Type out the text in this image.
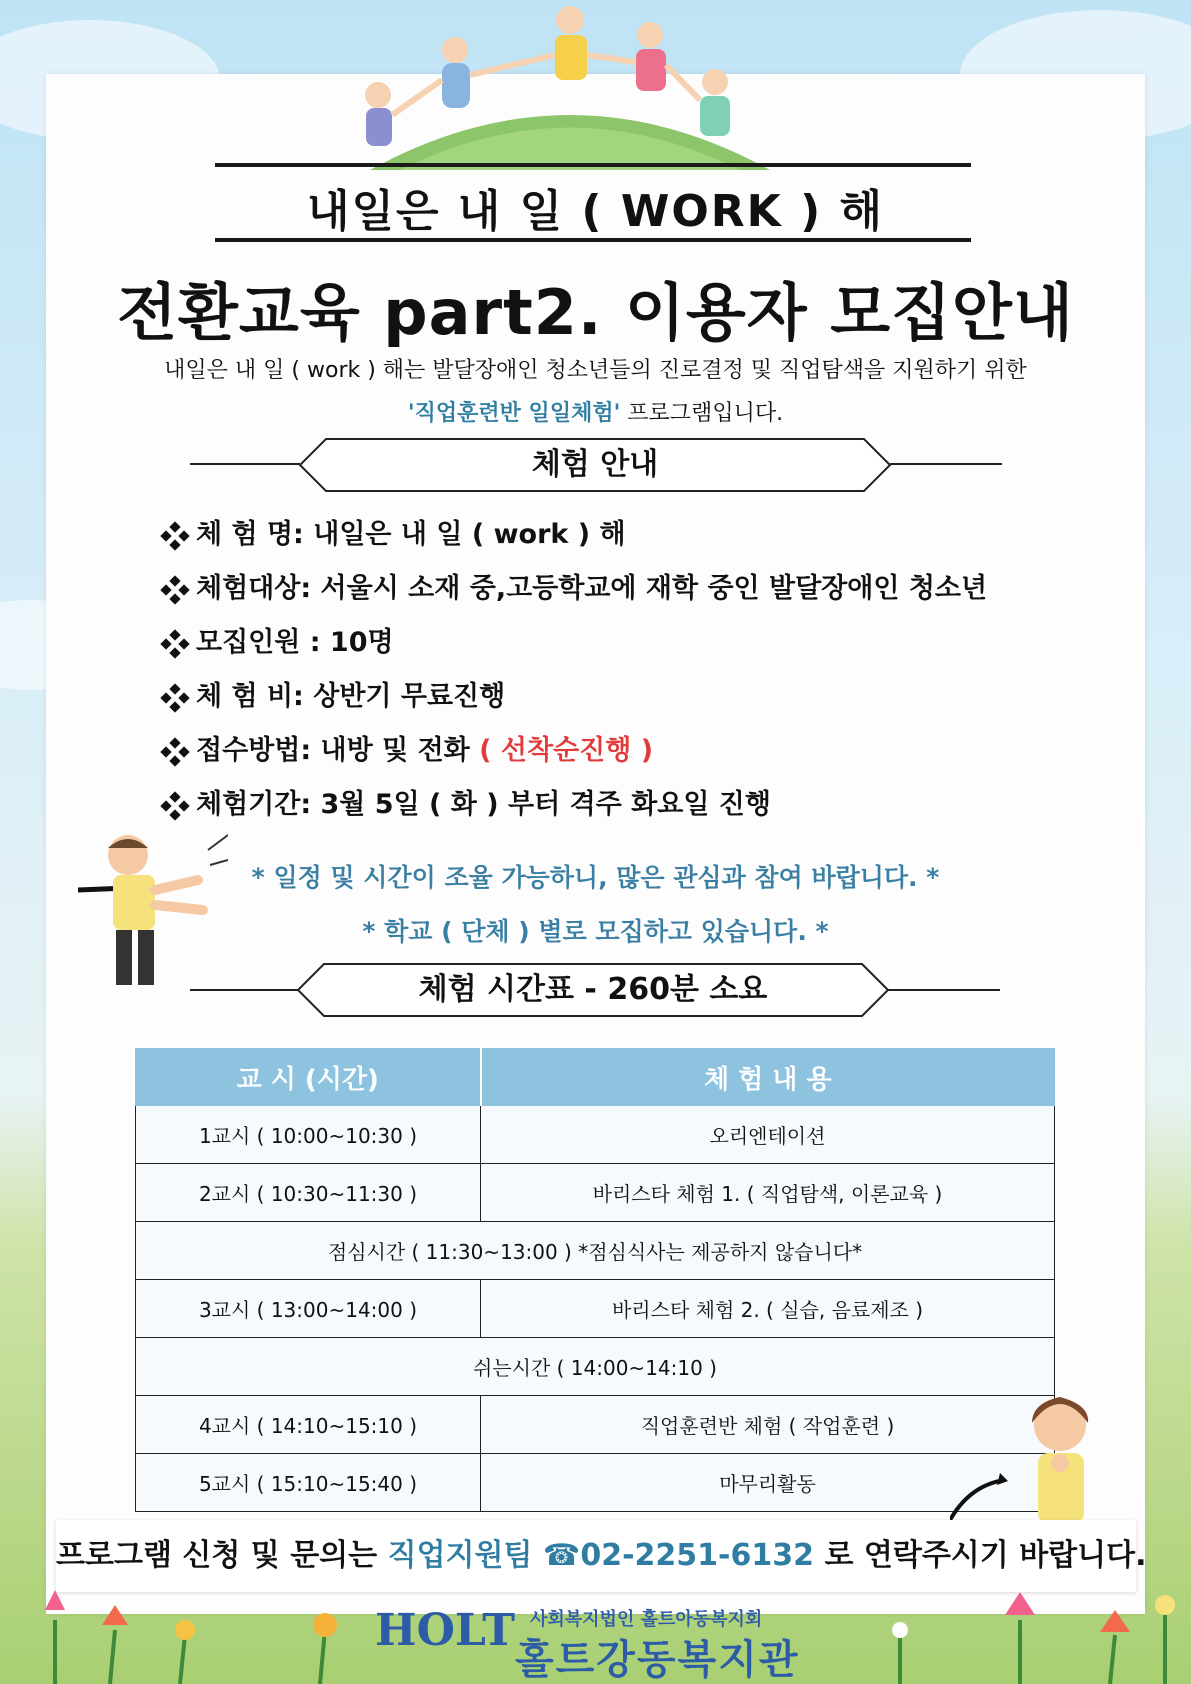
내일은 내 일 ( WORK ) 해
전환교육 part2. 이용자 모집안내
내일은 내 일 ( work ) 해는 발달장애인 청소년들의 진로결정 및 직업탐색을 지원하기 위한
'직업훈련반 일일체험' 프로그램입니다.
체험 안내
체 험 명: 내일은 내 일 ( work ) 해
체험대상: 서울시 소재 중,고등학교에 재학 중인 발달장애인 청소년
모집인원 : 10명
체 험 비: 상반기 무료진행
접수방법: 내방 및 전화 ( 선착순진행 )
체험기간: 3월 5일 ( 화 ) 부터 격주 화요일 진행
* 일정 및 시간이 조율 가능하니, 많은 관심과 참여 바랍니다. *
* 학교 ( 단체 ) 별로 모집하고 있습니다. *
체험 시간표 - 260분 소요
교 시 (시간)	체 험 내 용
1교시 ( 10:00~10:30 )	오리엔테이션
2교시 ( 10:30~11:30 )	바리스타 체험 1. ( 직업탐색, 이론교육 )
점심시간 ( 11:30~13:00 ) *점심식사는 제공하지 않습니다*	
3교시 ( 13:00~14:00 )	바리스타 체험 2. ( 실습, 음료제조 )
쉬는시간 ( 14:00~14:10 )	
4교시 ( 14:10~15:10 )	직업훈련반 체험 ( 작업훈련 )
5교시 ( 15:10~15:40 )	마무리활동
프로그램 신청 및 문의는 직업지원팀 ☎02-2251-6132 로 연락주시기 바랍니다.
HOLT 사회복지법인 홀트아동복지회
홀트강동복지관
